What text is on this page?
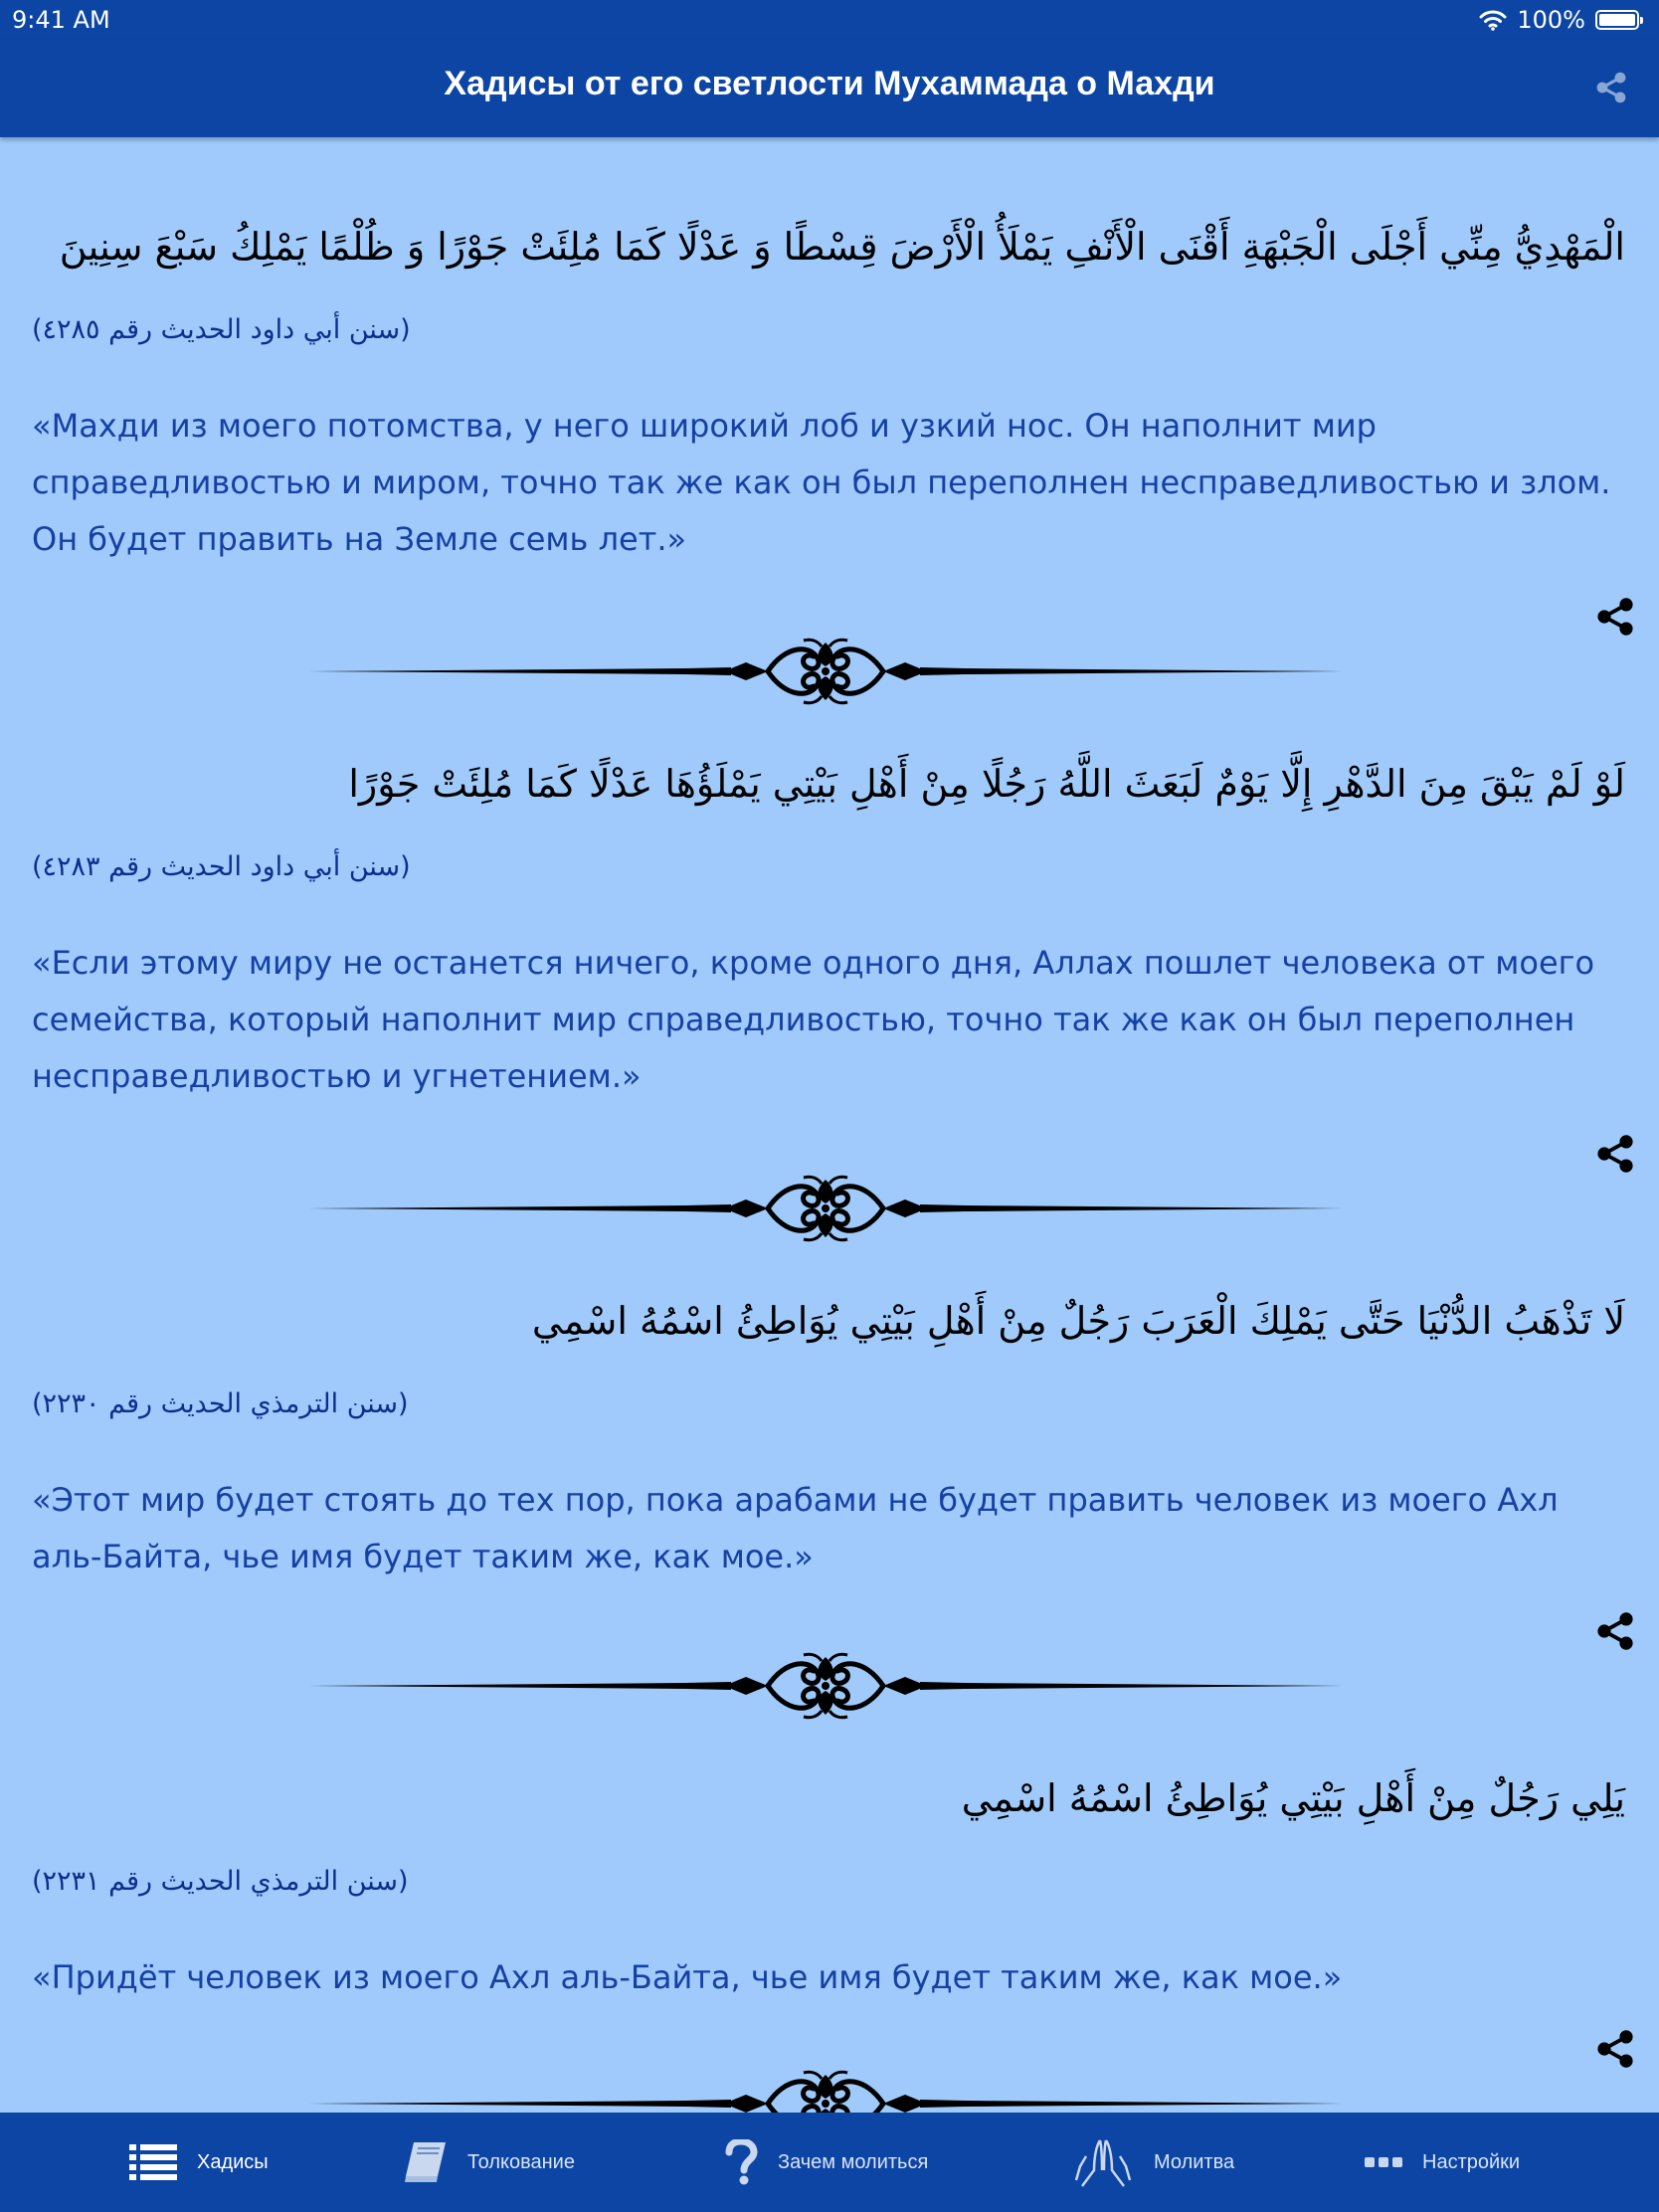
9:41 AM	100%
Хадисы от его светлости Мухаммада о Махди
الْمَهْدِيُّ مِنِّي أَجْلَى الْجَبْهَةِ أَقْنَى الْأَنْفِ يَمْلَأُ الْأَرْضَ قِسْطًا وَ عَدْلًا كَمَا مُلِئَتْ جَوْرًا وَ ظُلْمًا يَمْلِكُ سَبْعَ سِنِينَ
(سنن أبي داود الحديث رقم ٤٢٨٥)
«Махди из моего потомства, у него широкий лоб и узкий нос. Он наполнит мир справедливостью и миром, точно так же как он был переполнен несправедливостью и злом. Он будет править на Земле семь лет.»
لَوْ لَمْ يَبْقَ مِنَ الدَّهْرِ إِلَّا يَوْمٌ لَبَعَثَ اللَّهُ رَجُلًا مِنْ أَهْلِ بَيْتِي يَمْلَؤُهَا عَدْلًا كَمَا مُلِئَتْ جَوْرًا
(سنن أبي داود الحديث رقم ٤٢٨٣)
«Если этому миру не останется ничего, кроме одного дня, Аллах пошлет человека от моего семейства, который наполнит мир справедливостью, точно так же как он был переполнен несправедливостью и угнетением.»
لَا تَذْهَبُ الدُّنْيَا حَتَّى يَمْلِكَ الْعَرَبَ رَجُلٌ مِنْ أَهْلِ بَيْتِي يُوَاطِئُ اسْمُهُ اسْمِي
(سنن الترمذي الحديث رقم ٢٢٣٠)
«Этот мир будет стоять до тех пор, пока арабами не будет править человек из моего Ахл аль-Байта, чье имя будет таким же, как мое.»
يَلِي رَجُلٌ مِنْ أَهْلِ بَيْتِي يُوَاطِئُ اسْمُهُ اسْمِي
(سنن الترمذي الحديث رقم ٢٢٣١)
«Придёт человек из моего Ахл аль-Байта, чье имя будет таким же, как мое.»
Хадисы	Толкование	Зачем молиться	Молитва	Настройки
